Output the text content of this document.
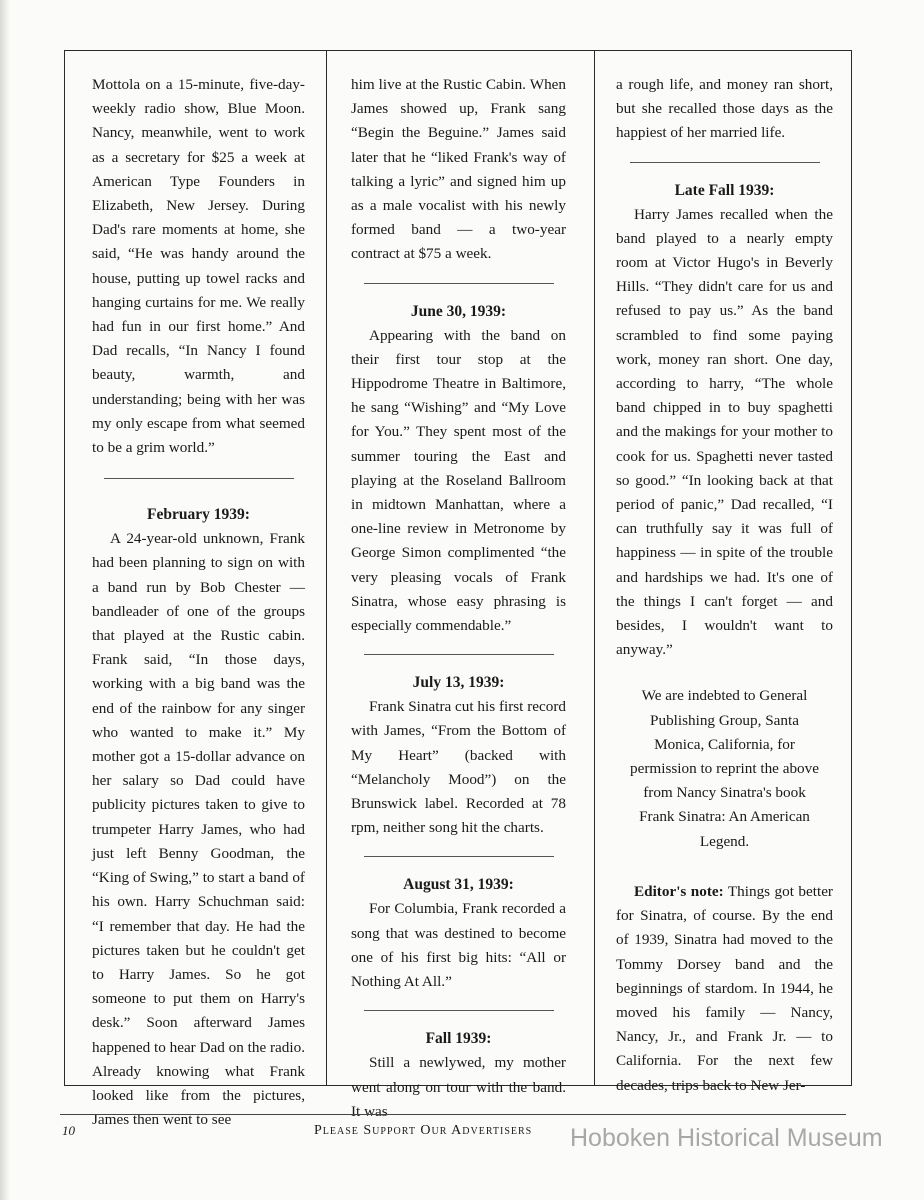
Mottola on a 15-minute, five-day-weekly radio show, Blue Moon. Nancy, meanwhile, went to work as a secretary for $25 a week at American Type Founders in Elizabeth, New Jersey. During Dad's rare moments at home, she said, “He was handy around the house, putting up towel racks and hanging curtains for me. We really had fun in our first home.” And Dad recalls, “In Nancy I found beauty, warmth, and understanding; being with her was my only escape from what seemed to be a grim world.”

February 1939:

A 24-year-old unknown, Frank had been planning to sign on with a band run by Bob Chester — bandleader of one of the groups that played at the Rustic cabin. Frank said, “In those days, working with a big band was the end of the rainbow for any singer who wanted to make it.” My mother got a 15-dollar advance on her salary so Dad could have publicity pictures taken to give to trumpeter Harry James, who had just left Benny Goodman, the “King of Swing,” to start a band of his own. Harry Schuchman said: “I remember that day. He had the pictures taken but he couldn't get to Harry James. So he got someone to put them on Harry's desk.” Soon afterward James happened to hear Dad on the radio. Already knowing what Frank looked like from the pictures, James then went to see

him live at the Rustic Cabin. When James showed up, Frank sang “Begin the Beguine.” James said later that he “liked Frank's way of talking a lyric” and signed him up as a male vocalist with his newly formed band — a two-year contract at $75 a week.

June 30, 1939:

Appearing with the band on their first tour stop at the Hippodrome Theatre in Baltimore, he sang “Wishing” and “My Love for You.” They spent most of the summer touring the East and playing at the Roseland Ballroom in midtown Manhattan, where a one-line review in Metronome by George Simon complimented “the very pleasing vocals of Frank Sinatra, whose easy phrasing is especially commendable.”

July 13, 1939:

Frank Sinatra cut his first record with James, “From the Bottom of My Heart” (backed with “Melancholy Mood”) on the Brunswick label. Recorded at 78 rpm, neither song hit the charts.

August 31, 1939:

For Columbia, Frank recorded a song that was destined to become one of his first big hits: “All or Nothing At All.”

Fall 1939:

Still a newlywed, my mother went along on tour with the band. It was

a rough life, and money ran short, but she recalled those days as the happiest of her married life.

Late Fall 1939:

Harry James recalled when the band played to a nearly empty room at Victor Hugo's in Beverly Hills. “They didn't care for us and refused to pay us.” As the band scrambled to find some paying work, money ran short. One day, according to harry, “The whole band chipped in to buy spaghetti and the makings for your mother to cook for us. Spaghetti never tasted so good.” “In looking back at that period of panic,” Dad recalled, “I can truthfully say it was full of happiness — in spite of the trouble and hardships we had. It's one of the things I can't forget — and besides, I wouldn't want to anyway.”

We are indebted to General Publishing Group, Santa Monica, California, for permission to reprint the above from Nancy Sinatra's book Frank Sinatra: An American Legend.

Editor's note: Things got better for Sinatra, of course. By the end of 1939, Sinatra had moved to the Tommy Dorsey band and the beginnings of stardom. In 1944, he moved his family — Nancy, Nancy, Jr., and Frank Jr. — to California. For the next few decades, trips back to New Jer-

10	Please Support Our Advertisers Hoboken Historical Museum
